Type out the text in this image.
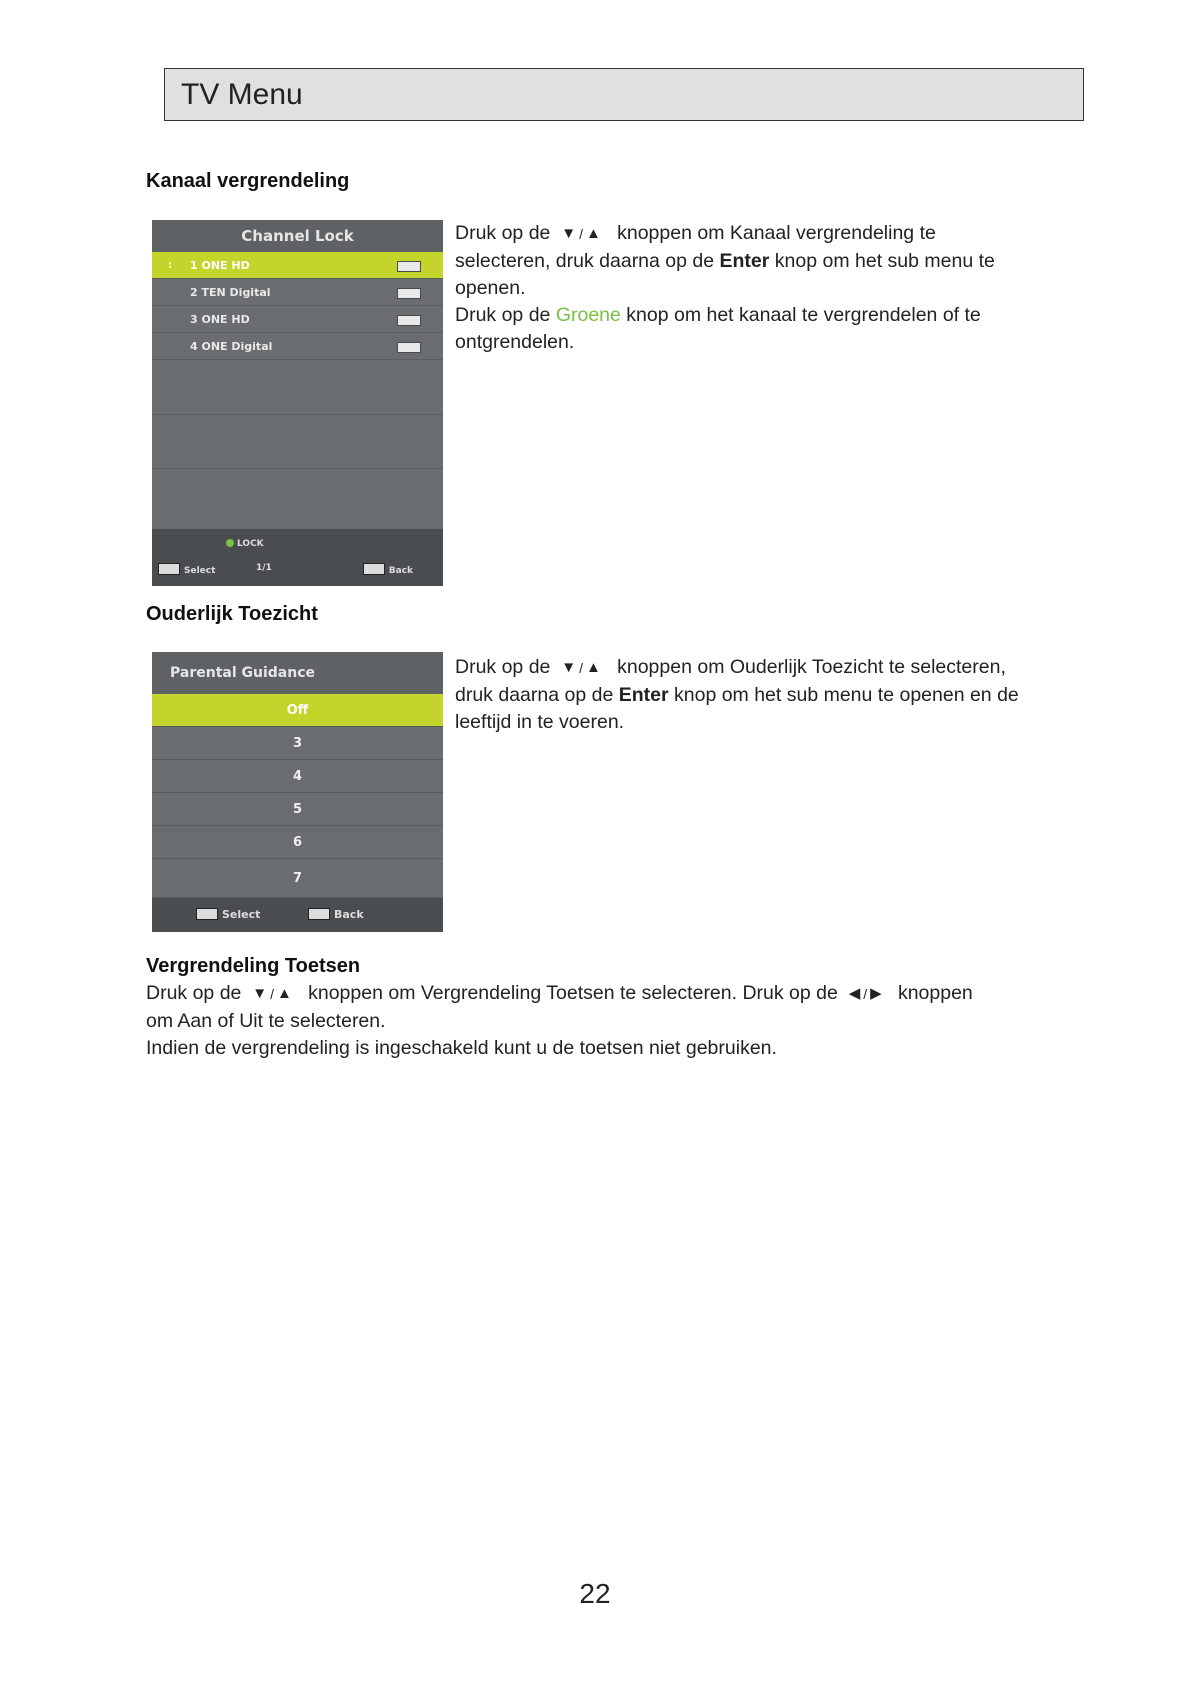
TV Menu
Kanaal vergrendeling
Channel Lock
: 1 ONE HD
2 TEN Digital
3 ONE HD
4 ONE Digital
LOCK
Select	1/1	Back

Druk op de ▼ / ▲ knoppen om Kanaal vergrendeling te

selecteren, druk daarna op de Enter knop om het sub menu te

openen.

Druk op de Groene knop om het kanaal te vergrendelen of te

ontgrendelen.

Ouderlijk Toezicht
Parental Guidance
Off
3
4
5
6
7
Select	Back

Druk op de ▼ / ▲ knoppen om Ouderlijk Toezicht te selecteren,

druk daarna op de Enter knop om het sub menu te openen en de

leeftijd in te voeren.

Vergrendeling Toetsen

Druk op de ▼ / ▲ knoppen om Vergrendeling Toetsen te selecteren. Druk op de ◀ / ▶ knoppen

om Aan of Uit te selecteren.

Indien de vergrendeling is ingeschakeld kunt u de toetsen niet gebruiken.

22
